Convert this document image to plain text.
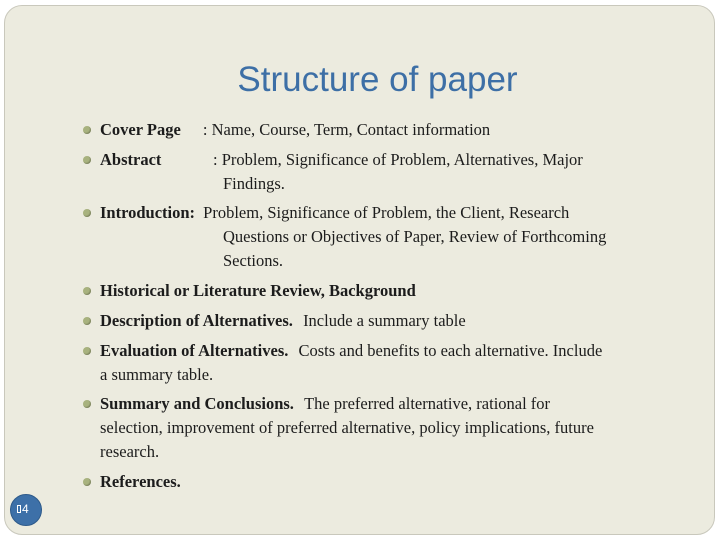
Structure of paper
Cover Page : Name, Course, Term, Contact information
Abstract	: Problem, Significance of Problem, Alternatives, Major
Findings.
Introduction: Problem, Significance of Problem, the Client, Research
Questions or Objectives of Paper, Review of Forthcoming
Sections.
Historical or Literature Review, Background
Description of Alternatives. Include a summary table
Evaluation of Alternatives. Costs and benefits to each alternative. Include
a summary table.
Summary and Conclusions. The preferred alternative, rational for
selection, improvement of preferred alternative, policy implications, future
research.
References.
4
